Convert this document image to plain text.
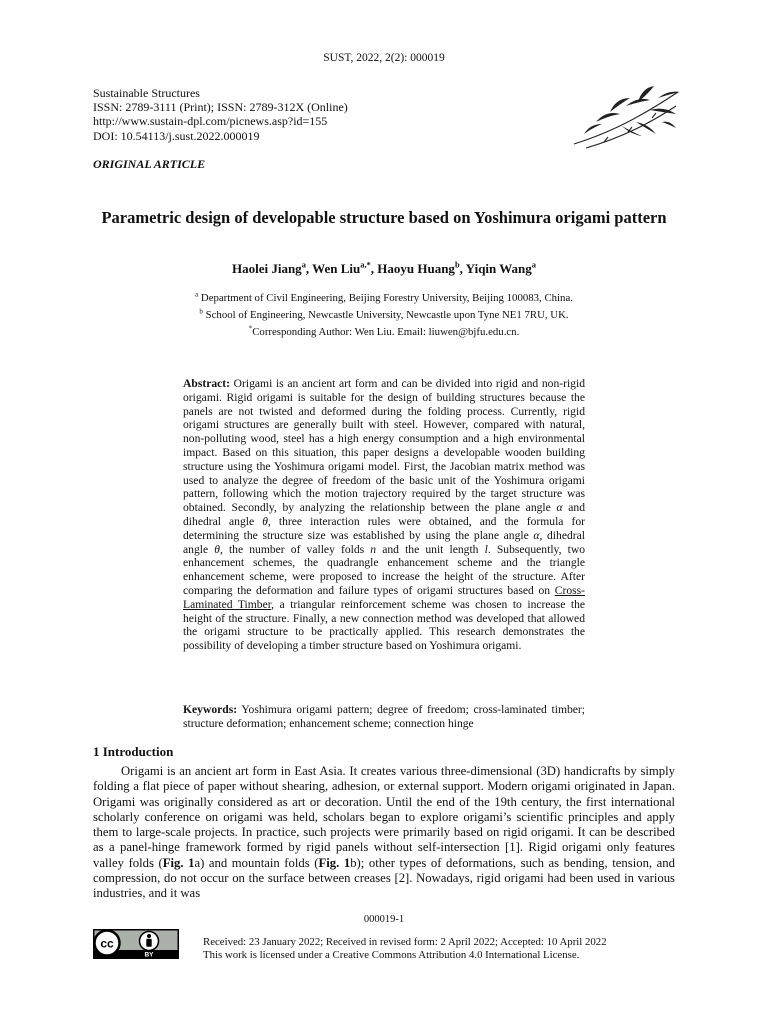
SUST, 2022, 2(2): 000019
Sustainable Structures
ISSN: 2789-3111 (Print); ISSN: 2789-312X (Online)
http://www.sustain-dpl.com/picnews.asp?id=155
DOI: 10.54113/j.sust.2022.000019
ORIGINAL ARTICLE
Parametric design of developable structure based on Yoshimura origami pattern
Haolei Jiang$^a$, Wen Liu$^{a,*}$, Haoyu Huang$^b$, Yiqin Wang$^a$
$^a$ Department of Civil Engineering, Beijing Forestry University, Beijing 100083, China.
$^b$ School of Engineering, Newcastle University, Newcastle upon Tyne NE1 7RU, UK.
*Corresponding Author: Wen Liu. Email: liuwen@bjfu.edu.cn.
Abstract: Origami is an ancient art form and can be divided into rigid and non-rigid origami. Rigid origami is suitable for the design of building structures because the panels are not twisted and deformed during the folding process. Currently, rigid origami structures are generally built with steel. However, compared with natural, non-polluting wood, steel has a high energy consumption and a high environmental impact. Based on this situation, this paper designs a developable wooden building structure using the Yoshimura origami model. First, the Jacobian matrix method was used to analyze the degree of freedom of the basic unit of the Yoshimura origami pattern, following which the motion trajectory required by the target structure was obtained. Secondly, by analyzing the relationship between the plane angle α and dihedral angle θ, three interaction rules were obtained, and the formula for determining the structure size was established by using the plane angle α, dihedral angle θ, the number of valley folds n and the unit length l. Subsequently, two enhancement schemes, the quadrangle enhancement scheme and the triangle enhancement scheme, were proposed to increase the height of the structure. After comparing the deformation and failure types of origami structures based on Cross-Laminated Timber, a triangular reinforcement scheme was chosen to increase the height of the structure. Finally, a new connection method was developed that allowed the origami structure to be practically applied. This research demonstrates the possibility of developing a timber structure based on Yoshimura origami.
Keywords: Yoshimura origami pattern; degree of freedom; cross-laminated timber; structure deformation; enhancement scheme; connection hinge
1 Introduction

Origami is an ancient art form in East Asia. It creates various three-dimensional (3D) handicrafts by simply folding a flat piece of paper without shearing, adhesion, or external support. Modern origami originated in Japan. Origami was originally considered as art or decoration. Until the end of the 19th century, the first international scholarly conference on origami was held, scholars began to explore origami’s scientific principles and apply them to large-scale projects. In practice, such projects were primarily based on rigid origami. It can be described as a panel-hinge framework formed by rigid panels without self-intersection [1]. Rigid origami only features valley folds (Fig. 1a) and mountain folds (Fig. 1b); other types of deformations, such as bending, tension, and compression, do not occur on the surface between creases [2]. Nowadays, rigid origami had been used in various industries, and it was

000019-1
cc
BY
Received: 23 January 2022; Received in revised form: 2 April 2022; Accepted: 10 April 2022
This work is licensed under a Creative Commons Attribution 4.0 International License.
